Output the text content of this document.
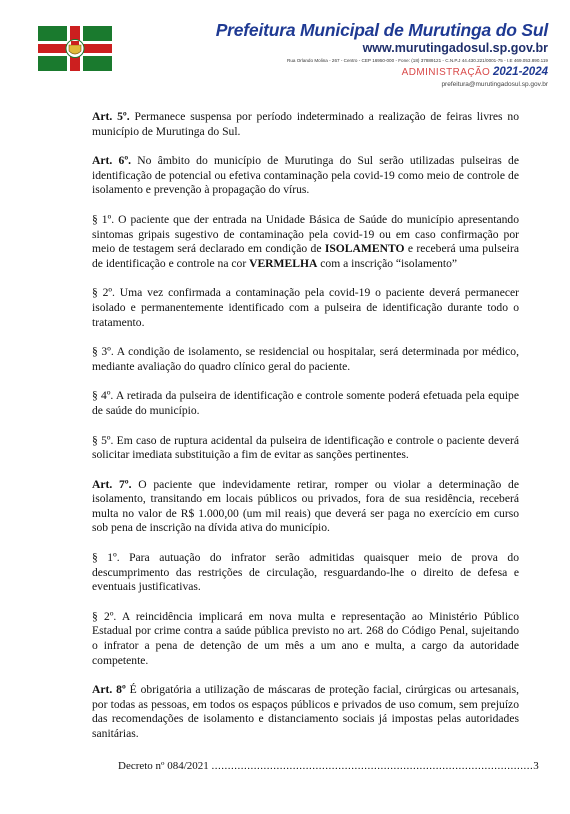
Prefeitura Municipal de Murutinga do Sul
www.murutingadosul.sp.gov.br
Rua Orlando Molina - 267 - Centro - CEP 16950-000 - Fone: (18) 37889121 - C.N.P.J 44.430.221/0001-75 - I.E 469.053.890.119
ADMINISTRAÇÃO 2021-2024
prefeitura@murutingadosul.sp.gov.br

Art. 5º. Permanece suspensa por período indeterminado a realização de feiras livres no município de Murutinga do Sul.

Art. 6º. No âmbito do município de Murutinga do Sul serão utilizadas pulseiras de identificação de potencial ou efetiva contaminação pela covid-19 como meio de controle de isolamento e prevenção à propagação do vírus.

§ 1º. O paciente que der entrada na Unidade Básica de Saúde do município apresentando sintomas gripais sugestivo de contaminação pela covid-19 ou em caso confirmação por meio de testagem será declarado em condição de ISOLAMENTO e receberá uma pulseira de identificação e controle na cor VERMELHA com a inscrição “isolamento”

§ 2º. Uma vez confirmada a contaminação pela covid-19 o paciente deverá permanecer isolado e permanentemente identificado com a pulseira de identificação durante todo o tratamento.

§ 3º. A condição de isolamento, se residencial ou hospitalar, será determinada por médico, mediante avaliação do quadro clínico geral do paciente.

§ 4º. A retirada da pulseira de identificação e controle somente poderá efetuada pela equipe de saúde do município.

§ 5º. Em caso de ruptura acidental da pulseira de identificação e controle o paciente deverá solicitar imediata substituição a fim de evitar as sanções pertinentes.

Art. 7º. O paciente que indevidamente retirar, romper ou violar a determinação de isolamento, transitando em locais públicos ou privados, fora de sua residência, receberá multa no valor de R$ 1.000,00 (um mil reais) que deverá ser paga no exercício em curso sob pena de inscrição na dívida ativa do município.

§ 1º. Para autuação do infrator serão admitidas quaisquer meio de prova do descumprimento das restrições de circulação, resguardando-lhe o direito de defesa e eventuais justificativas.

§ 2º. A reincidência implicará em nova multa e representação ao Ministério Público Estadual por crime contra a saúde pública previsto no art. 268 do Código Penal, sujeitando o infrator a pena de detenção de um mês a um ano e multa, a cargo da autoridade competente.

Art. 8º É obrigatória a utilização de máscaras de proteção facial, cirúrgicas ou artesanais, por todas as pessoas, em todos os espaços públicos e privados de uso comum, sem prejuízo das recomendações de isolamento e distanciamento sociais já impostas pelas autoridades sanitárias.

Decreto nº 084/2021 ...................................................................................................3
